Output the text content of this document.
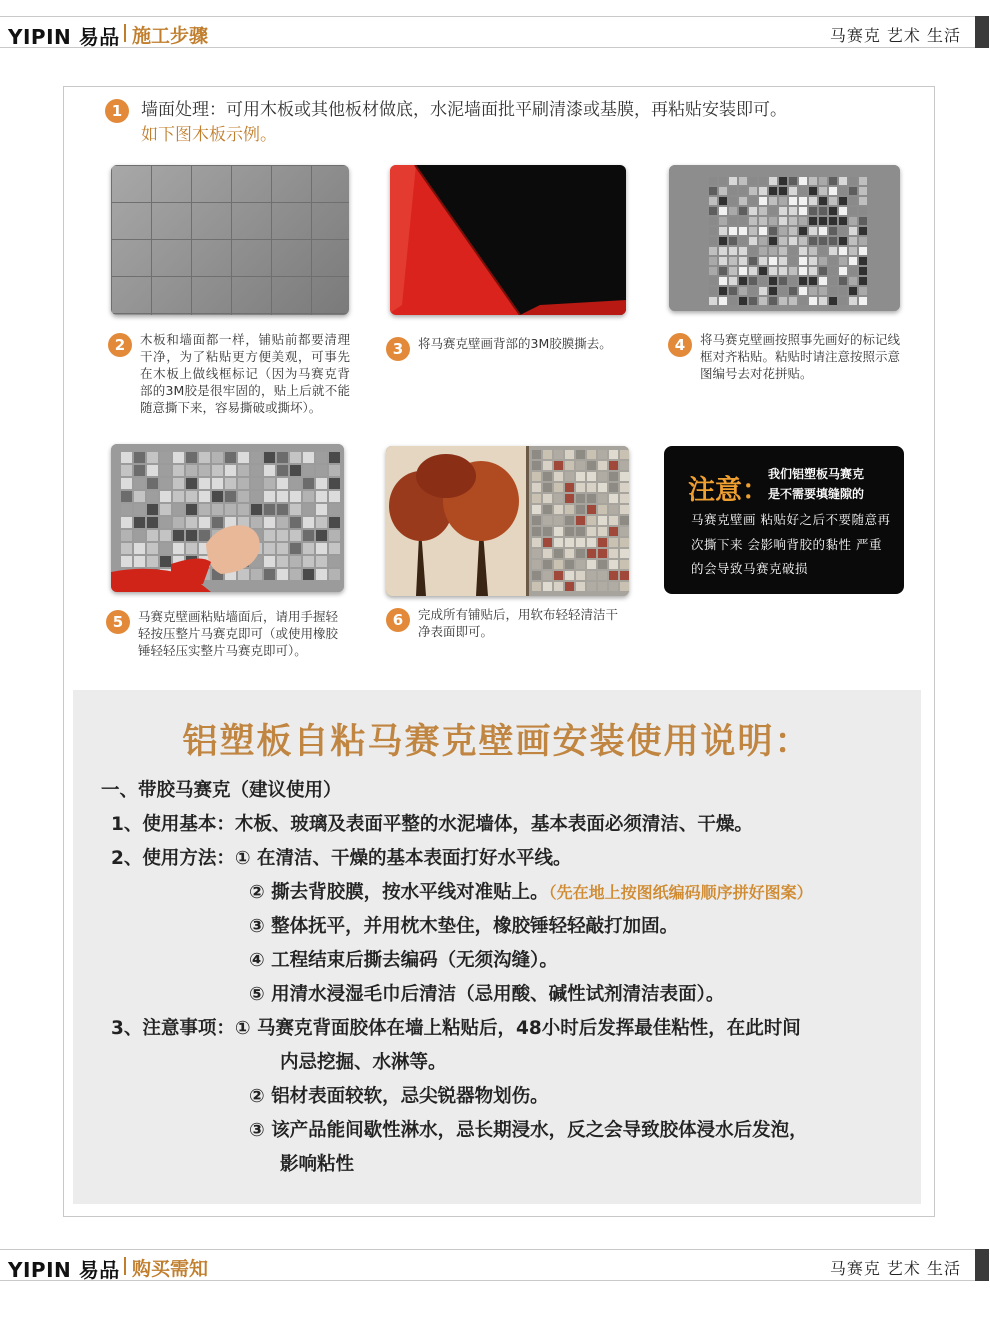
YIPIN 易品 施工步骤	马赛克 艺术 生活
1	墙面处理：可用木板或其他板材做底，水泥墙面批平刷清漆或基膜，再粘贴安装即可。
如下图木板示例。
2	木板和墙面都一样，铺贴前都要清理干净，为了粘贴更方便美观，可事先在木板上做线框标记（因为马赛克背部的3M胶是很牢固的，贴上后就不能随意撕下来，容易撕破或撕坏）。
3	将马赛克壁画背部的3M胶膜撕去。	4	将马赛克壁画按照事先画好的标记线框对齐粘贴。粘贴时请注意按照示意图编号去对花拼贴。
注意：
我们铝塑板马赛克
是不需要填缝隙的
马赛克壁画 粘贴好之后不要随意再次撕下来 会影响背胶的黏性 严重的会导致马赛克破损
5	马赛克壁画粘贴墙面后，请用手握轻轻按压整片马赛克即可（或使用橡胶锤轻轻压实整片马赛克即可）。
6	完成所有铺贴后，用软布轻轻清洁干净表面即可。
铝塑板自粘马赛克壁画安装使用说明：
一、带胶马赛克（建议使用）
1、使用基本：木板、玻璃及表面平整的水泥墙体，基本表面必须清洁、干燥。
2、使用方法：① 在清洁、干燥的基本表面打好水平线。
② 撕去背胶膜，按水平线对准贴上。（先在地上按图纸编码顺序拼好图案）
③ 整体抚平，并用枕木垫住，橡胶锤轻轻敲打加固。
④ 工程结束后撕去编码（无须沟缝）。
⑤ 用清水浸湿毛巾后清洁（忌用酸、碱性试剂清洁表面）。
3、注意事项：① 马赛克背面胶体在墙上粘贴后，48小时后发挥最佳粘性，在此时间
内忌挖掘、水淋等。
② 铝材表面较软，忌尖锐器物划伤。
③ 该产品能间歇性淋水，忌长期浸水，反之会导致胶体浸水后发泡，
影响粘性
YIPIN 易品 购买需知	马赛克 艺术 生活
